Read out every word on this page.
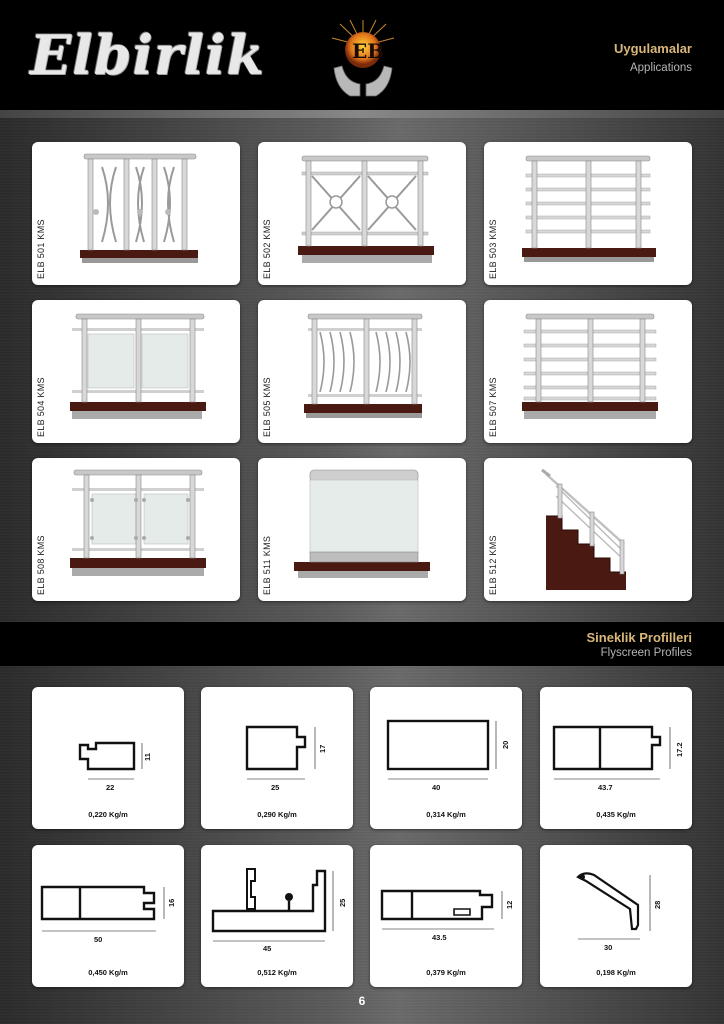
Elbirlik	EB	Uygulamalar
Applications
ELB 501 KMS	ELB 502 KMS	ELB 503 KMS
ELB 504 KMS	ELB 505 KMS	ELB 507 KMS
ELB 508 KMS	ELB 511 KMS	ELB 512 KMS
Sineklik Profilleri
Flyscreen Profiles
22
11
0,220 Kg/m
25
17
0,290 Kg/m
40
20
0,314 Kg/m
43.7
17.2
0,435 Kg/m
50
16
0,450 Kg/m
45
25
0,512 Kg/m
43.5
12
0,379 Kg/m
30
28
0,198 Kg/m
6
